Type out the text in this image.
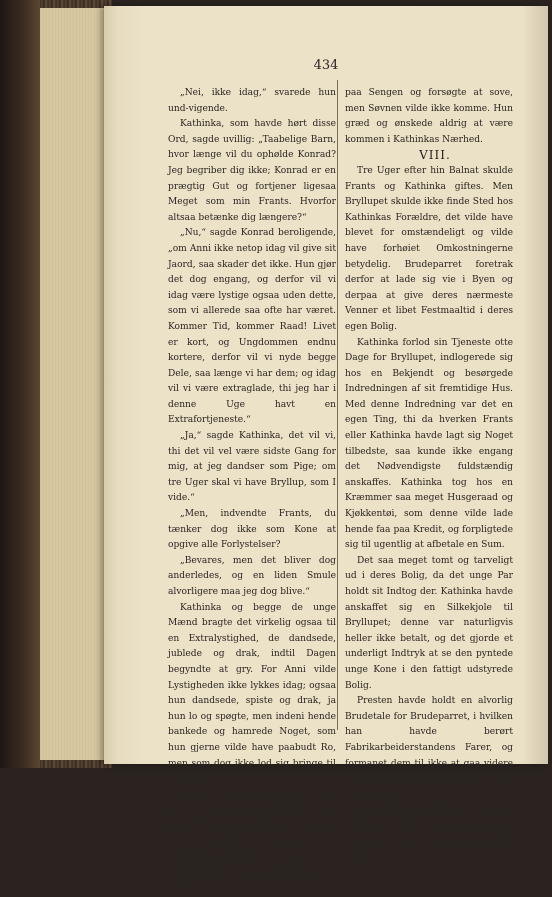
434

„Nei, ikke idag,“ svarede hun und-vigende.

Kathinka, som havde hørt disse Ord, sagde uvillig: „Taabelige Barn, hvor længe vil du ophølde Konrad? Jeg begriber dig ikke; Konrad er en prægtig Gut og fortjener ligesaa Meget som min Frants. Hvorfor altsaa betænke dig længere?“

„Nu,“ sagde Konrad beroligende, „om Anni ikke netop idag vil give sit Jaord, saa skader det ikke. Hun gjør det dog engang, og derfor vil vi idag være lystige ogsaa uden dette, som vi allerede saa ofte har været. Kommer Tid, kommer Raad! Livet er kort, og Ungdommen endnu kortere, derfor vil vi nyde begge Dele, saa længe vi har dem; og idag vil vi være extraglade, thi jeg har i denne Uge havt en Extrafortjeneste.“

„Ja,“ sagde Kathinka, det vil vi, thi det vil vel være sidste Gang for mig, at jeg dandser som Pige; om tre Uger skal vi have Bryllup, som I vide.“

„Men, indvendte Frants, du tænker dog ikke som Kone at opgive alle Forlystelser?

„Bevares, men det bliver dog anderledes, og en liden Smule alvorligere maa jeg dog blive.“

Kathinka og begge de unge Mænd bragte det virkelig ogsaa til en Extralystighed, de dandsede, jublede og drak, indtil Dagen begyndte at gry. For Anni vilde Lystigheden ikke lykkes idag; ogsaa hun dandsede, spiste og drak, ja hun lo og spøgte, men indeni hende bankede og hamrede Noget, som hun gjerne vilde have paabudt Ro, men som dog ikke lod sig bringe til Taushed.

Da hun endelig igjen var alene paa sit Værelse, trak hun sine Støvler af, svøbte dem ind og lagde dem sammen med sin Konfirmationsattest underst i Kufferten. Derpaa kastede hun sig ned

paa Sengen og forsøgte at sove, men Søvnen vilde ikke komme. Hun græd og ønskede aldrig at være kommen i Kathinkas Nærhed.

VIII.

Tre Uger efter hin Balnat skulde Frants og Kathinka giftes. Men Bryllupet skulde ikke finde Sted hos Kathinkas Forældre, det vilde have blevet for omstændeligt og vilde have forhøiet Omkostningerne betydelig. Brudeparret foretrak derfor at lade sig vie i Byen og derpaa at give deres nærmeste Venner et libet Festmaaltid i deres egen Bolig.

Kathinka forlod sin Tjeneste otte Dage for Bryllupet, indlogerede sig hos en Bekjendt og besørgede Indredningen af sit fremtidige Hus. Med denne Indredning var det en egen Ting, thi da hverken Frants eller Kathinka havde lagt sig Noget tilbedste, saa kunde ikke engang det Nødvendigste fuldstændig anskaffes. Kathinka tog hos en Kræmmer saa meget Husgeraad og Kjøkkentøi, som denne vilde lade hende faa paa Kredit, og forpligtede sig til ugentlig at afbetale en Sum.

Det saa meget tomt og tarveligt ud i deres Bolig, da det unge Par holdt sit Indtog der. Kathinka havde anskaffet sig en Silkekjole til Bryllupet; denne var naturligvis heller ikke betalt, og det gjorde et underligt Indtryk at se den pyntede unge Kone i den fattigt udstyrede Bolig.

Presten havde holdt en alvorlig Brudetale for Brudeparret, i hvilken han havde berørt Fabrikarbeiderstandens Farer, og formanet dem til ikke at gaa videre paa denne farefulde Vei uden Guds Veiledning.

Denne Brudetale havde kun lidet behaget Kathinka, thi hun vilde ikke lade Guds Ords Lys belyse sin Vei, fordi
